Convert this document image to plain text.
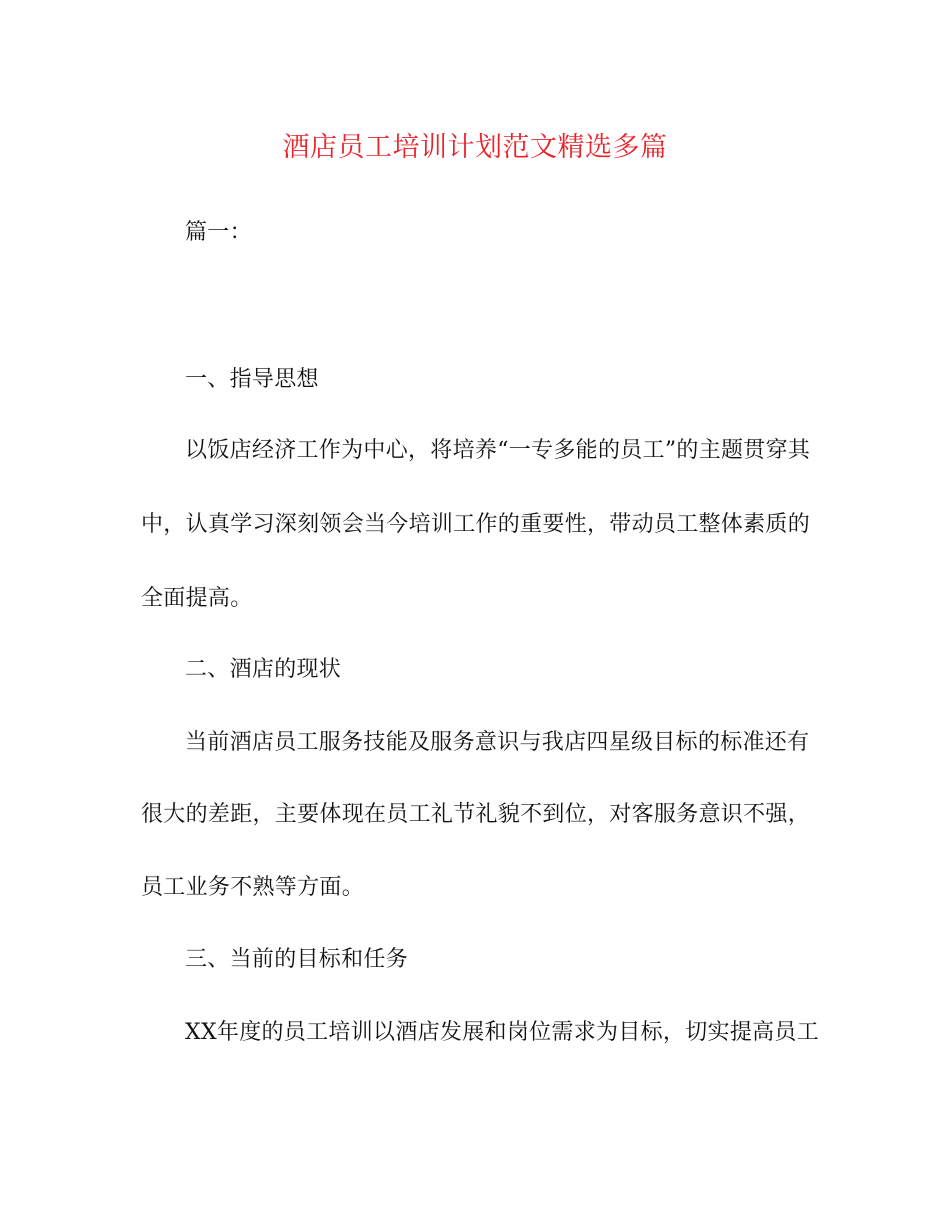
酒店员工培训计划范文精选多篇
篇一：
一、指导思想
以饭店经济工作为中心，将培养“一专多能的员工”的主题贯穿其
中，认真学习深刻领会当今培训工作的重要性，带动员工整体素质的
全面提高。
二、酒店的现状
当前酒店员工服务技能及服务意识与我店四星级目标的标准还有
很大的差距，主要体现在员工礼节礼貌不到位，对客服务意识不强，
员工业务不熟等方面。
三、当前的目标和任务
XX年度的员工培训以酒店发展和岗位需求为目标，切实提高员工
